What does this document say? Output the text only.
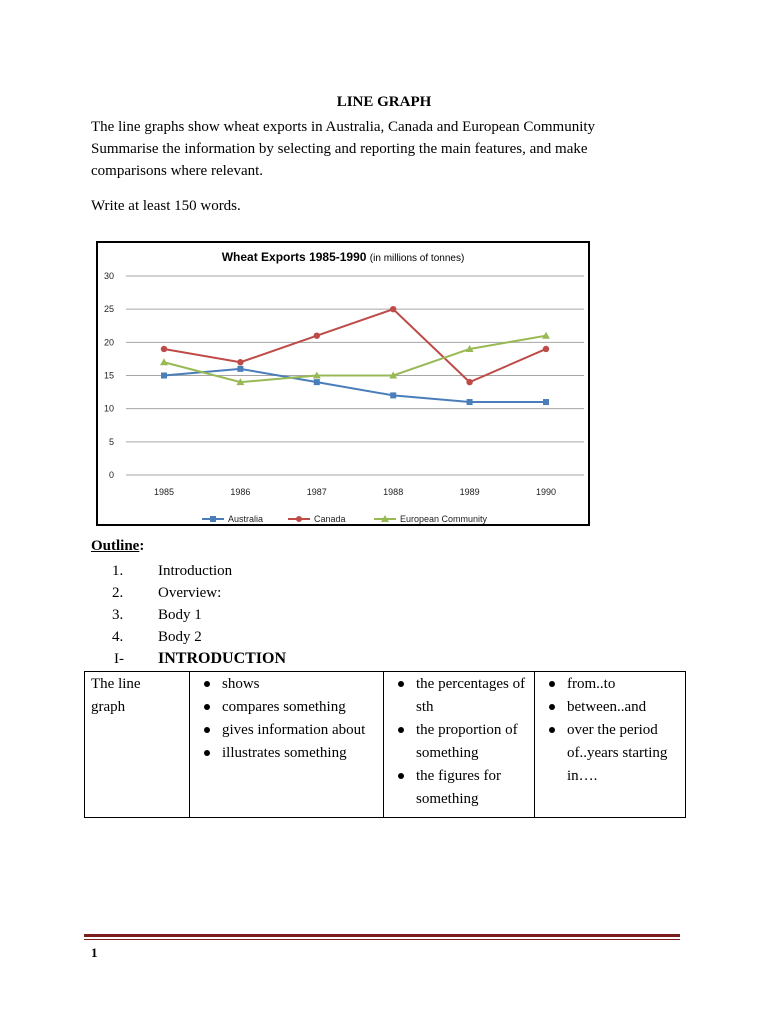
LINE GRAPH

The line graphs show wheat exports in Australia, Canada and European Community

Summarise the information by selecting and reporting the main features, and make

comparisons where relevant.

Write at least 150 words.
Wheat Exports 1985-1990 (in millions of tonnes)
0
5
10
15
20
25
30
1985	1986	1987	1988	1989	1990
Australia	Canada	European Community
Outline:
1.	Introduction
2.	Overview:
3.	Body 1
4.	Body 2
I-	INTRODUCTION
The line
graph

shows
compares something
gives information about
illustrates something

the percentages of sth
the proportion of something
the figures for something

from..to
between..and
over the period of..years starting in….
1
